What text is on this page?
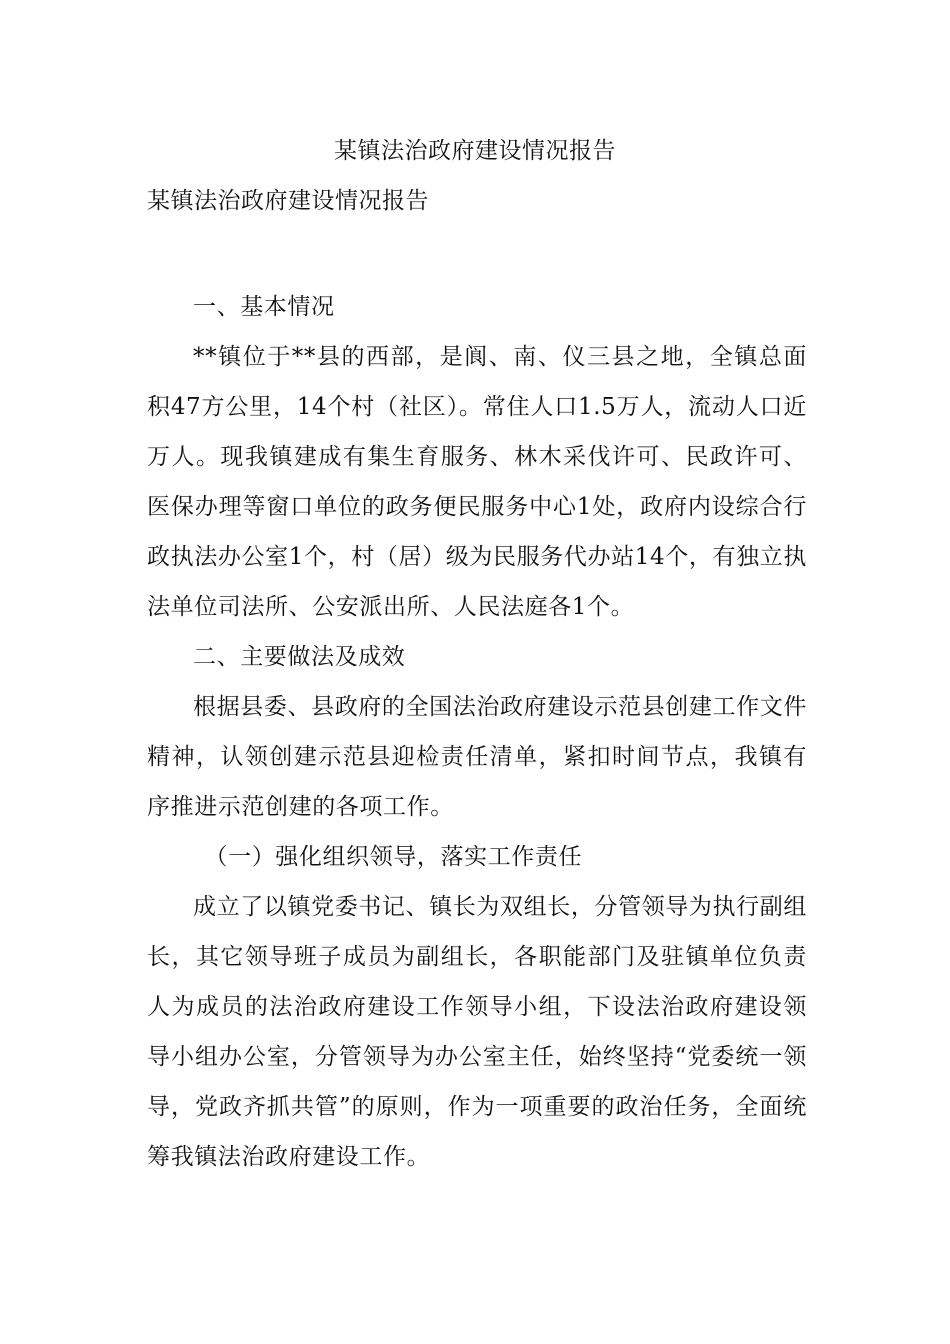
某镇法治政府建设情况报告
某镇法治政府建设情况报告

一、基本情况

**镇位于**县的西部，是阆、南、仪三县之地，全镇总面积47方公里，14个村（社区）。常住人口1.5万人，流动人口近万人。现我镇建成有集生育服务、林木采伐许可、民政许可、医保办理等窗口单位的政务便民服务中心1处，政府内设综合行政执法办公室1个，村（居）级为民服务代办站14个，有独立执法单位司法所、公安派出所、人民法庭各1个。

二、主要做法及成效

根据县委、县政府的全国法治政府建设示范县创建工作文件精神，认领创建示范县迎检责任清单，紧扣时间节点，我镇有序推进示范创建的各项工作。

（一）强化组织领导，落实工作责任

成立了以镇党委书记、镇长为双组长，分管领导为执行副组长，其它领导班子成员为副组长，各职能部门及驻镇单位负责人为成员的法治政府建设工作领导小组，下设法治政府建设领导小组办公室，分管领导为办公室主任，始终坚持“党委统一领导，党政齐抓共管”的原则，作为一项重要的政治任务，全面统筹我镇法治政府建设工作。
